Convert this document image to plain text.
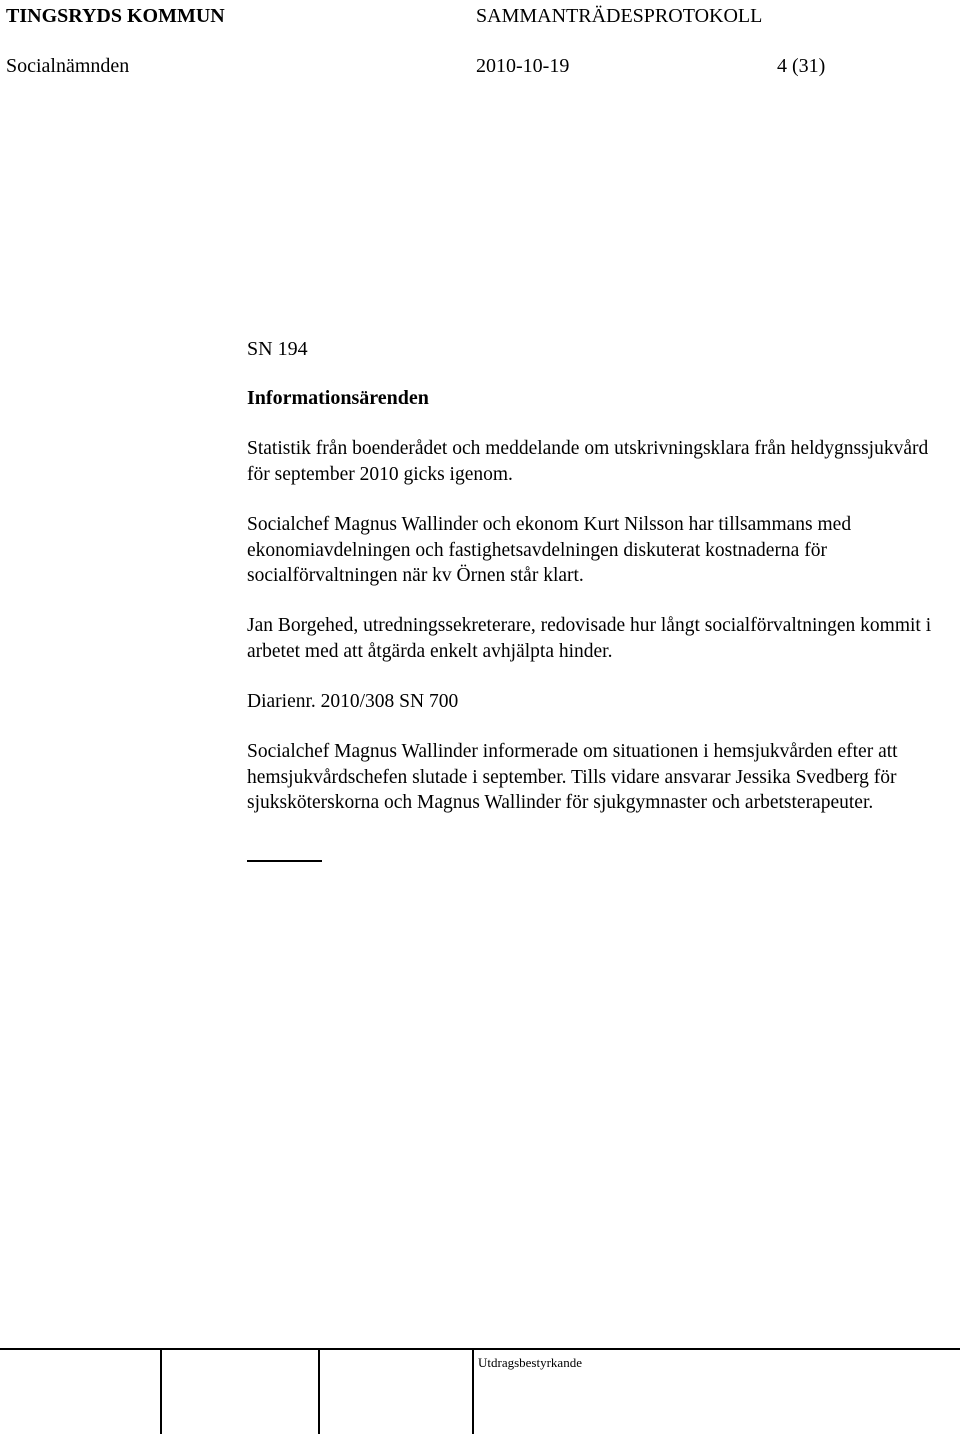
TINGSRYDS KOMMUN	SAMMANTRÄDESPROTOKOLL
Socialnämnden	2010-10-19	4 (31)
SN 194
Informationsärenden

Statistik från boenderådet och meddelande om utskrivningsklara från heldygnssjukvård för september 2010 gicks igenom.

Socialchef Magnus Wallinder och ekonom Kurt Nilsson har tillsammans med ekonomiavdelningen och fastighetsavdelningen diskuterat kostnaderna för socialförvaltningen när kv Örnen står klart.

Jan Borgehed, utredningssekreterare, redovisade hur långt socialförvaltningen kommit i arbetet med att åtgärda enkelt avhjälpta hinder.

Diarienr. 2010/308 SN 700

Socialchef Magnus Wallinder informerade om situationen i hemsjukvården efter att hemsjukvårdschefen slutade i september. Tills vidare ansvarar Jessika Svedberg för sjuksköterskorna och Magnus Wallinder för sjukgymnaster och arbetsterapeuter.

Utdragsbestyrkande
